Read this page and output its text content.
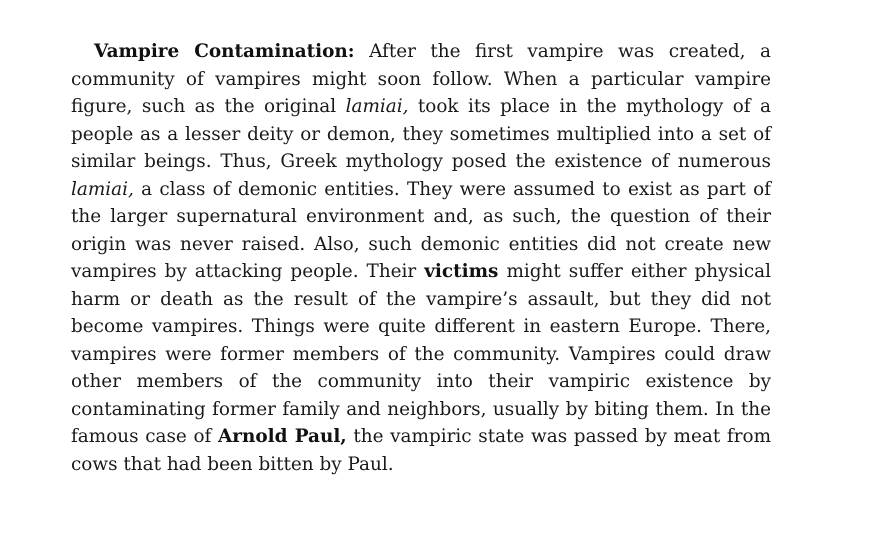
Vampire Contamination: After the first vampire was created, a community of vampires might soon follow. When a particular vampire figure, such as the original lamiai, took its place in the mythology of a people as a lesser deity or demon, they sometimes multiplied into a set of similar beings. Thus, Greek mythology posed the existence of numerous lamiai, a class of demonic entities. They were assumed to exist as part of the larger supernatural environment and, as such, the question of their origin was never raised. Also, such demonic entities did not create new vampires by attacking people. Their victims might suffer either physical harm or death as the result of the vampire’s assault, but they did not become vampires. Things were quite different in eastern Europe. There, vampires were former members of the community. Vampires could draw other members of the community into their vampiric existence by contaminating former family and neighbors, usually by biting them. In the famous case of Arnold Paul, the vampiric state was passed by meat from cows that had been bitten by Paul.
